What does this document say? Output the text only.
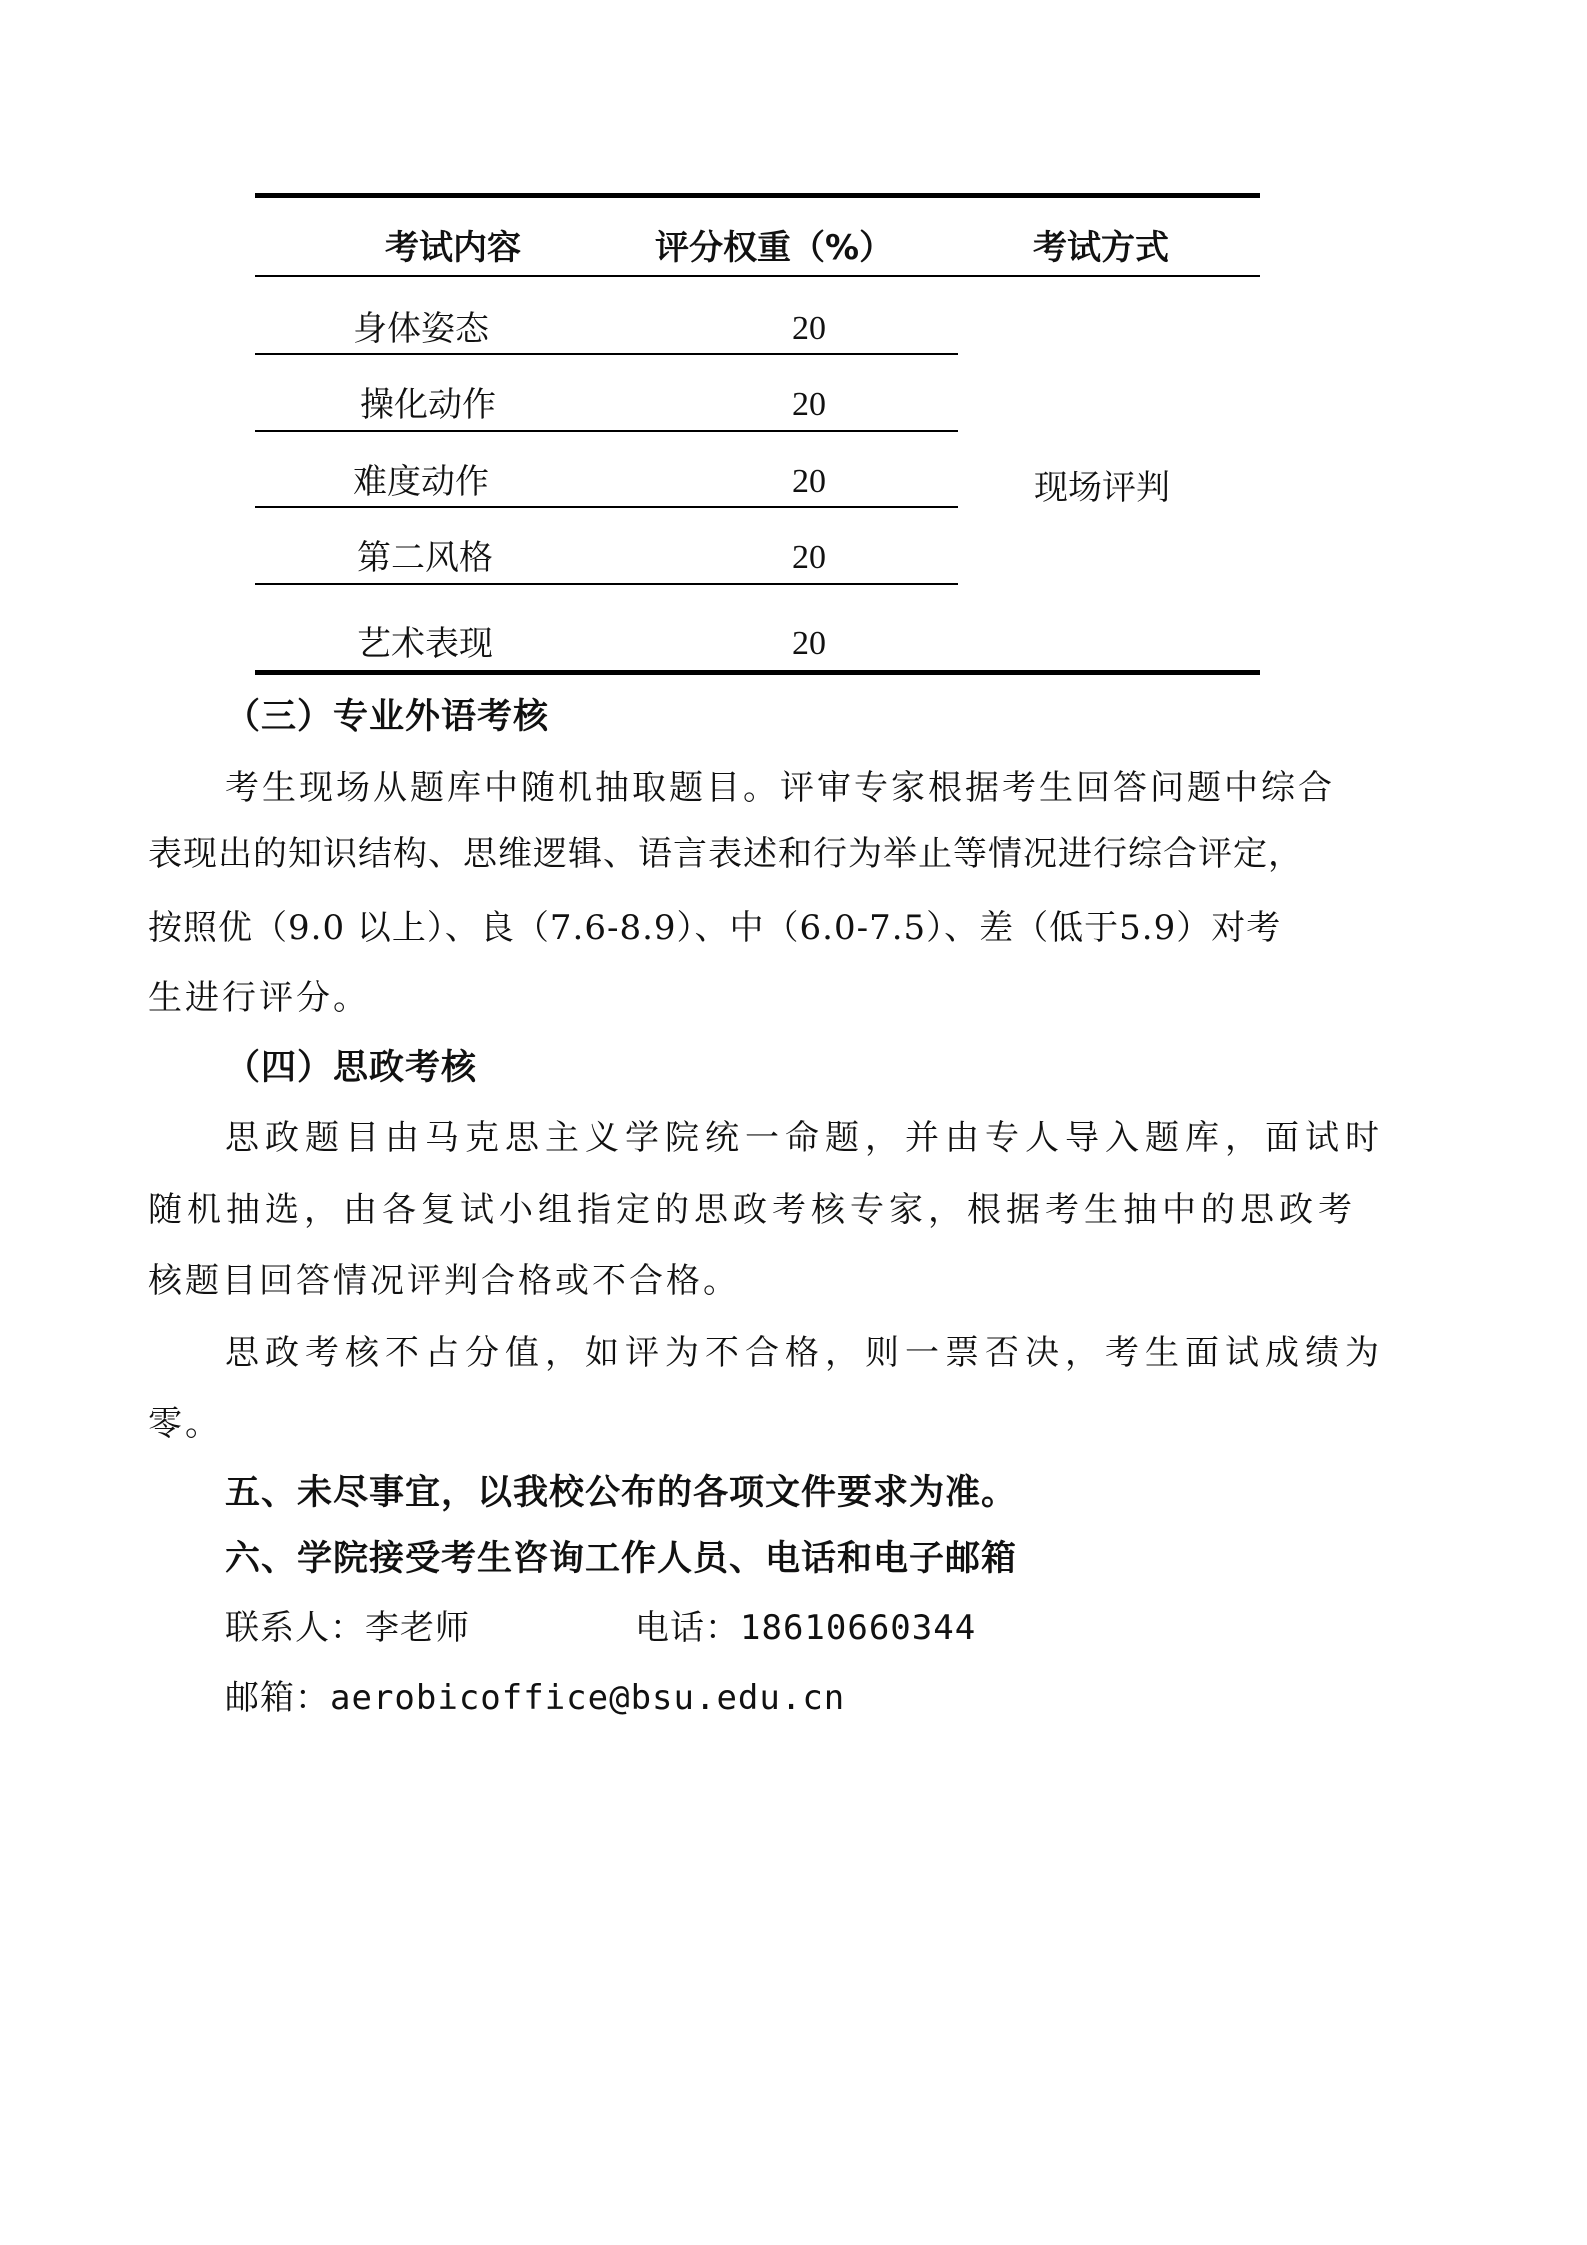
考试内容	评分权重（%）	考试方式
身体姿态	20
操化动作	20
难度动作	20
第二风格	20
艺术表现	20
现场评判
（三）专业外语考核
考生现场从题库中随机抽取题目。评审专家根据考生回答问题中综合
表现出的知识结构、思维逻辑、语言表述和行为举止等情况进行综合评定，
按照优（9.0 以上）、良（7.6-8.9）、中（6.0-7.5）、差（低于5.9）对考
生进行评分。
（四）思政考核
思政题目由马克思主义学院统一命题，并由专人导入题库，面试时
随机抽选，由各复试小组指定的思政考核专家，根据考生抽中的思政考
核题目回答情况评判合格或不合格。
思政考核不占分值，如评为不合格，则一票否决，考生面试成绩为
零。
五、未尽事宜，以我校公布的各项文件要求为准。
六、学院接受考生咨询工作人员、电话和电子邮箱
联系人：李老师	电话：18610660344
邮箱：aerobicoffice@bsu.edu.cn
